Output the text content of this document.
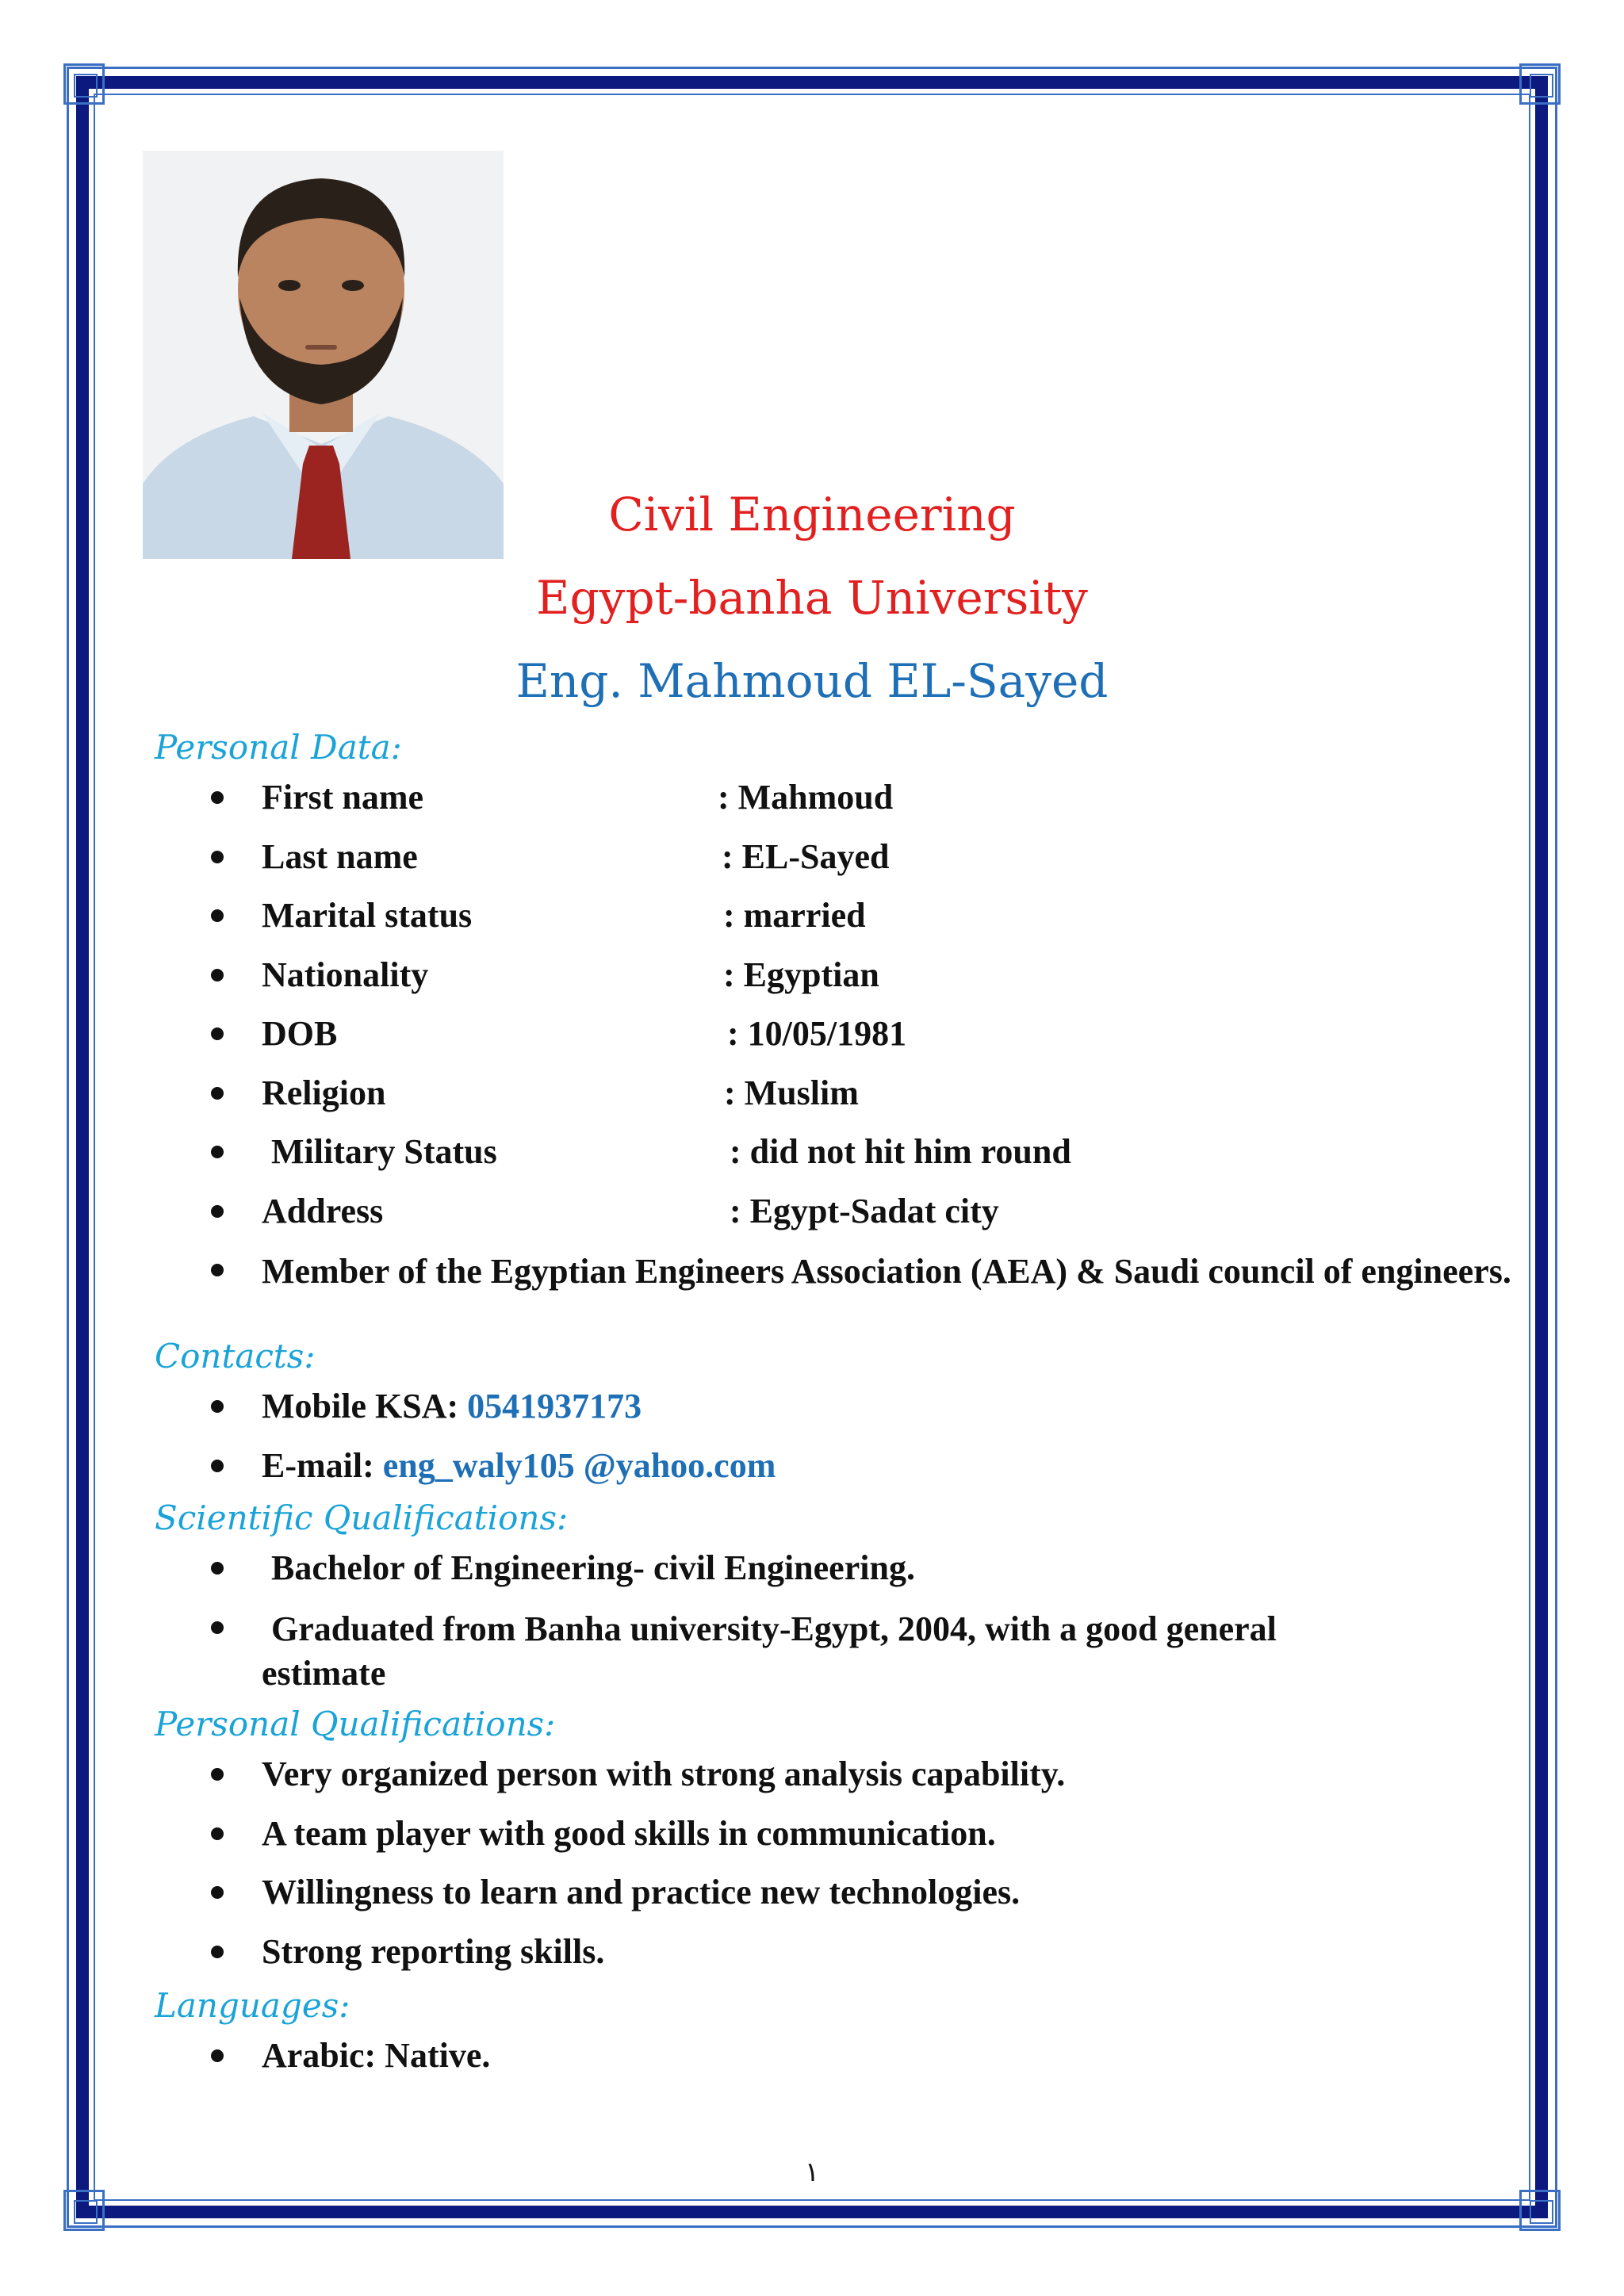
Civil Engineering
Egypt-banha University
Eng. Mahmoud EL-Sayed
Personal Data:
First name	: Mahmoud
Last name	: EL-Sayed
Marital status	: married
Nationality	: Egyptian
DOB	: 10/05/1981
Religion	: Muslim
Military Status	: did not hit him round
Address	: Egypt-Sadat city
Member of the Egyptian Engineers Association (AEA) & Saudi council of engineers.
Contacts:
Mobile KSA: 0541937173
E-mail: eng_waly105 @yahoo.com
Scientific Qualifications:
Bachelor of Engineering- civil Engineering.
Graduated from Banha university-Egypt, 2004, with a good general estimate
Personal Qualifications:
Very organized person with strong analysis capability.
A team player with good skills in communication.
Willingness to learn and practice new technologies.
Strong reporting skills.
Languages:
Arabic: Native.
١
